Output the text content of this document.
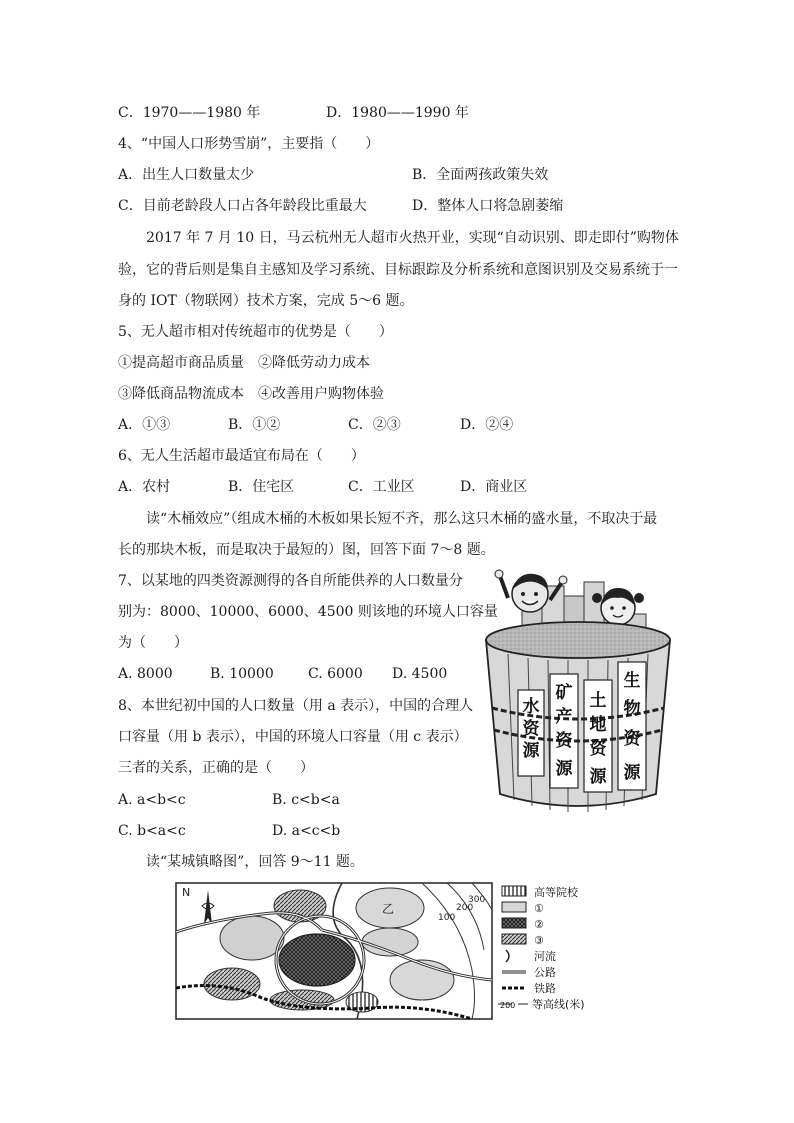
C．1970——1980 年	D．1980——1990 年
4、“中国人口形势雪崩”，主要指（　　）
A．出生人口数量太少	B．全面两孩政策失效
C．目前老龄段人口占各年龄段比重最大	D．整体人口将急剧萎缩
2017 年 7 月 10 日，马云杭州无人超市火热开业，实现“自动识别、即走即付”购物体
验，它的背后则是集自主感知及学习系统、目标跟踪及分析系统和意图识别及交易系统于一
身的 IOT（物联网）技术方案，完成 5～6 题。
5、无人超市相对传统超市的优势是（　　）
①提高超市商品质量　②降低劳动力成本
③降低商品物流成本　④改善用户购物体验
A．①③	B．①②	C．②③	D．②④
6、无人生活超市最适宜布局在（　　）
A．农村	B．住宅区	C．工业区	D．商业区
读“木桶效应”（组成木桶的木板如果长短不齐，那么这只木桶的盛水量，不取决于最
长的那块木板，而是取决于最短的）图，回答下面 7～8 题。
7、以某地的四类资源测得的各自所能供养的人口数量分
别为：8000、10000、6000、4500 则该地的环境人口容量
为（　　）
A. 8000	B. 10000 C. 6000 D. 4500
8、本世纪初中国的人口数量（用 a 表示），中国的合理人
口容量（用 b 表示），中国的环境人口容量（用 c 表示）
三者的关系，正确的是（　　）
A. a<b<c	B. c<b<a
C. b<a<c	D. a<c<b
读“某城镇略图”，回答 9～11 题。
水
资
源
矿
产
资
源
土
地
资
源
生
物
资
源
N
300
200
100
乙
高等院校
①
②
③
河流
公路
铁路
200 等高线(米)
